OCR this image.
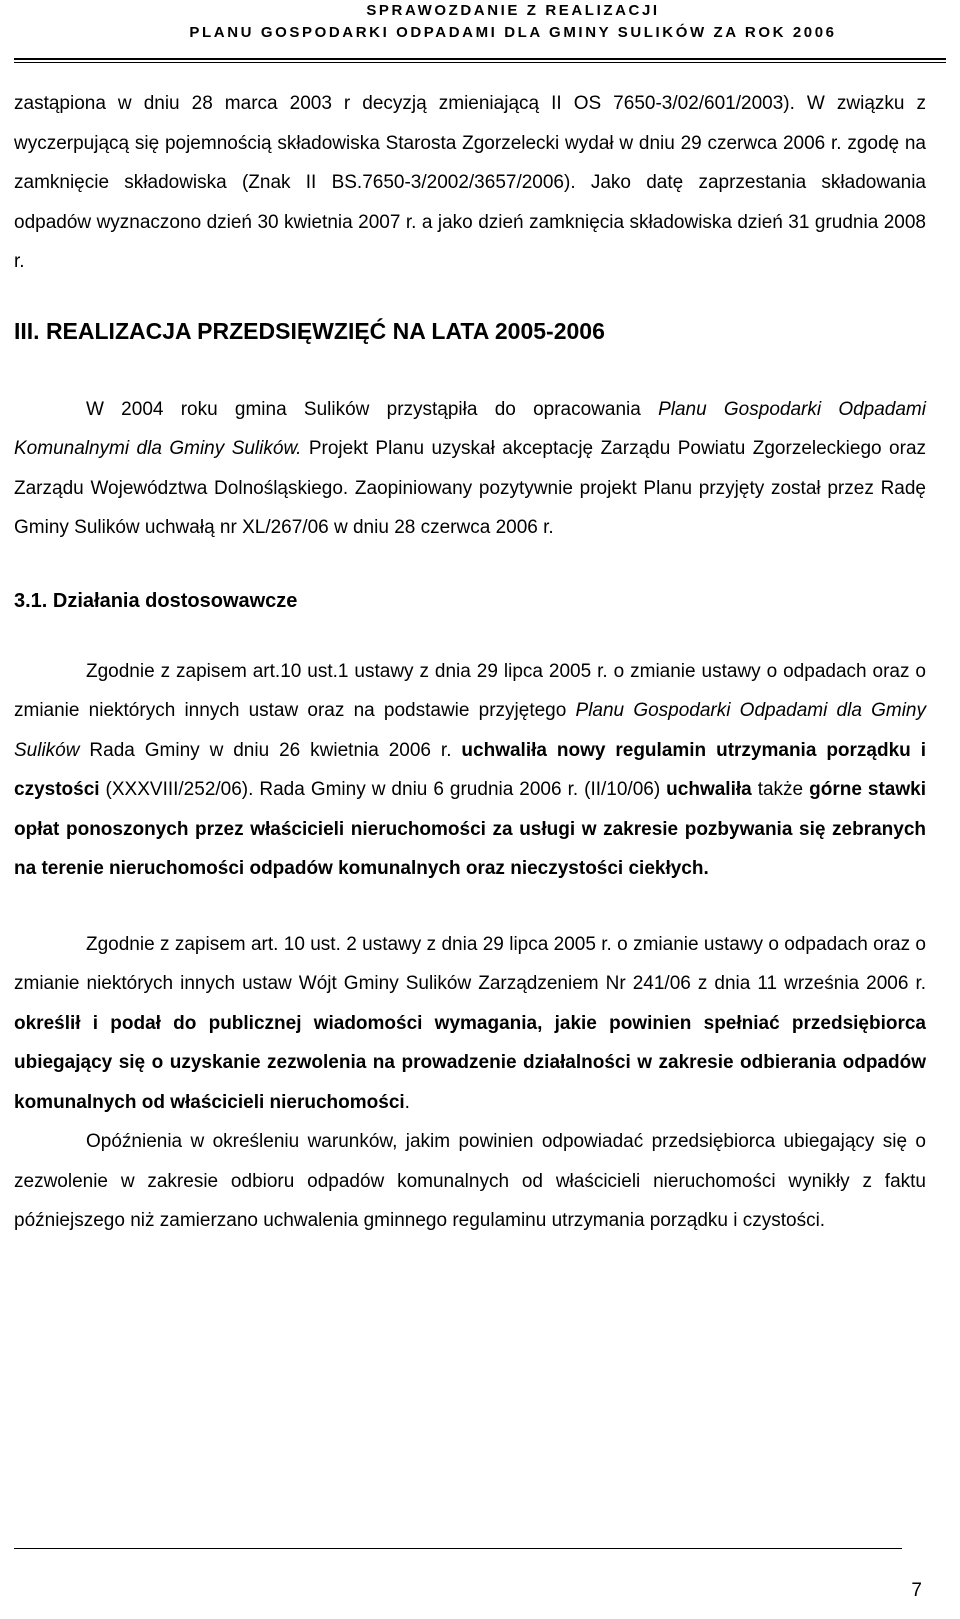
SPRAWOZDANIE Z REALIZACJI
PLANU GOSPODARKI ODPADAMI DLA GMINY SULIKÓW ZA ROK 2006

zastąpiona w dniu 28 marca 2003 r decyzją zmieniającą II OS 7650-3/02/601/2003). W związku z wyczerpującą się pojemnością składowiska Starosta Zgorzelecki wydał w dniu 29 czerwca 2006 r. zgodę na zamknięcie składowiska (Znak II BS.7650-3/2002/3657/2006). Jako datę zaprzestania składowania odpadów wyznaczono dzień 30 kwietnia 2007 r. a jako dzień zamknięcia składowiska dzień 31 grudnia 2008 r.

III. REALIZACJA PRZEDSIĘWZIĘĆ NA LATA 2005-2006

W 2004 roku gmina Sulików przystąpiła do opracowania Planu Gospodarki Odpadami Komunalnymi dla Gminy Sulików. Projekt Planu uzyskał akceptację Zarządu Powiatu Zgorzeleckiego oraz Zarządu Województwa Dolnośląskiego. Zaopiniowany pozytywnie projekt Planu przyjęty został przez Radę Gminy Sulików uchwałą nr XL/267/06 w dniu 28 czerwca 2006 r.

3.1. Działania dostosowawcze

Zgodnie z zapisem art.10 ust.1 ustawy z dnia 29 lipca 2005 r. o zmianie ustawy o odpadach oraz o zmianie niektórych innych ustaw oraz na podstawie przyjętego Planu Gospodarki Odpadami dla Gminy Sulików Rada Gminy w dniu 26 kwietnia 2006 r. uchwaliła nowy regulamin utrzymania porządku i czystości (XXXVIII/252/06). Rada Gminy w dniu 6 grudnia 2006 r. (II/10/06) uchwaliła także górne stawki opłat ponoszonych przez właścicieli nieruchomości za usługi w zakresie pozbywania się zebranych na terenie nieruchomości odpadów komunalnych oraz nieczystości ciekłych.

Zgodnie z zapisem art. 10 ust. 2 ustawy z dnia 29 lipca 2005 r. o zmianie ustawy o odpadach oraz o zmianie niektórych innych ustaw Wójt Gminy Sulików Zarządzeniem Nr 241/06 z dnia 11 września 2006 r. określił i podał do publicznej wiadomości wymagania, jakie powinien spełniać przedsiębiorca ubiegający się o uzyskanie zezwolenia na prowadzenie działalności w zakresie odbierania odpadów komunalnych od właścicieli nieruchomości.

Opóźnienia w określeniu warunków, jakim powinien odpowiadać przedsiębiorca ubiegający się o zezwolenie w zakresie odbioru odpadów komunalnych od właścicieli nieruchomości wynikły z faktu późniejszego niż zamierzano uchwalenia gminnego regulaminu utrzymania porządku i czystości.

7
